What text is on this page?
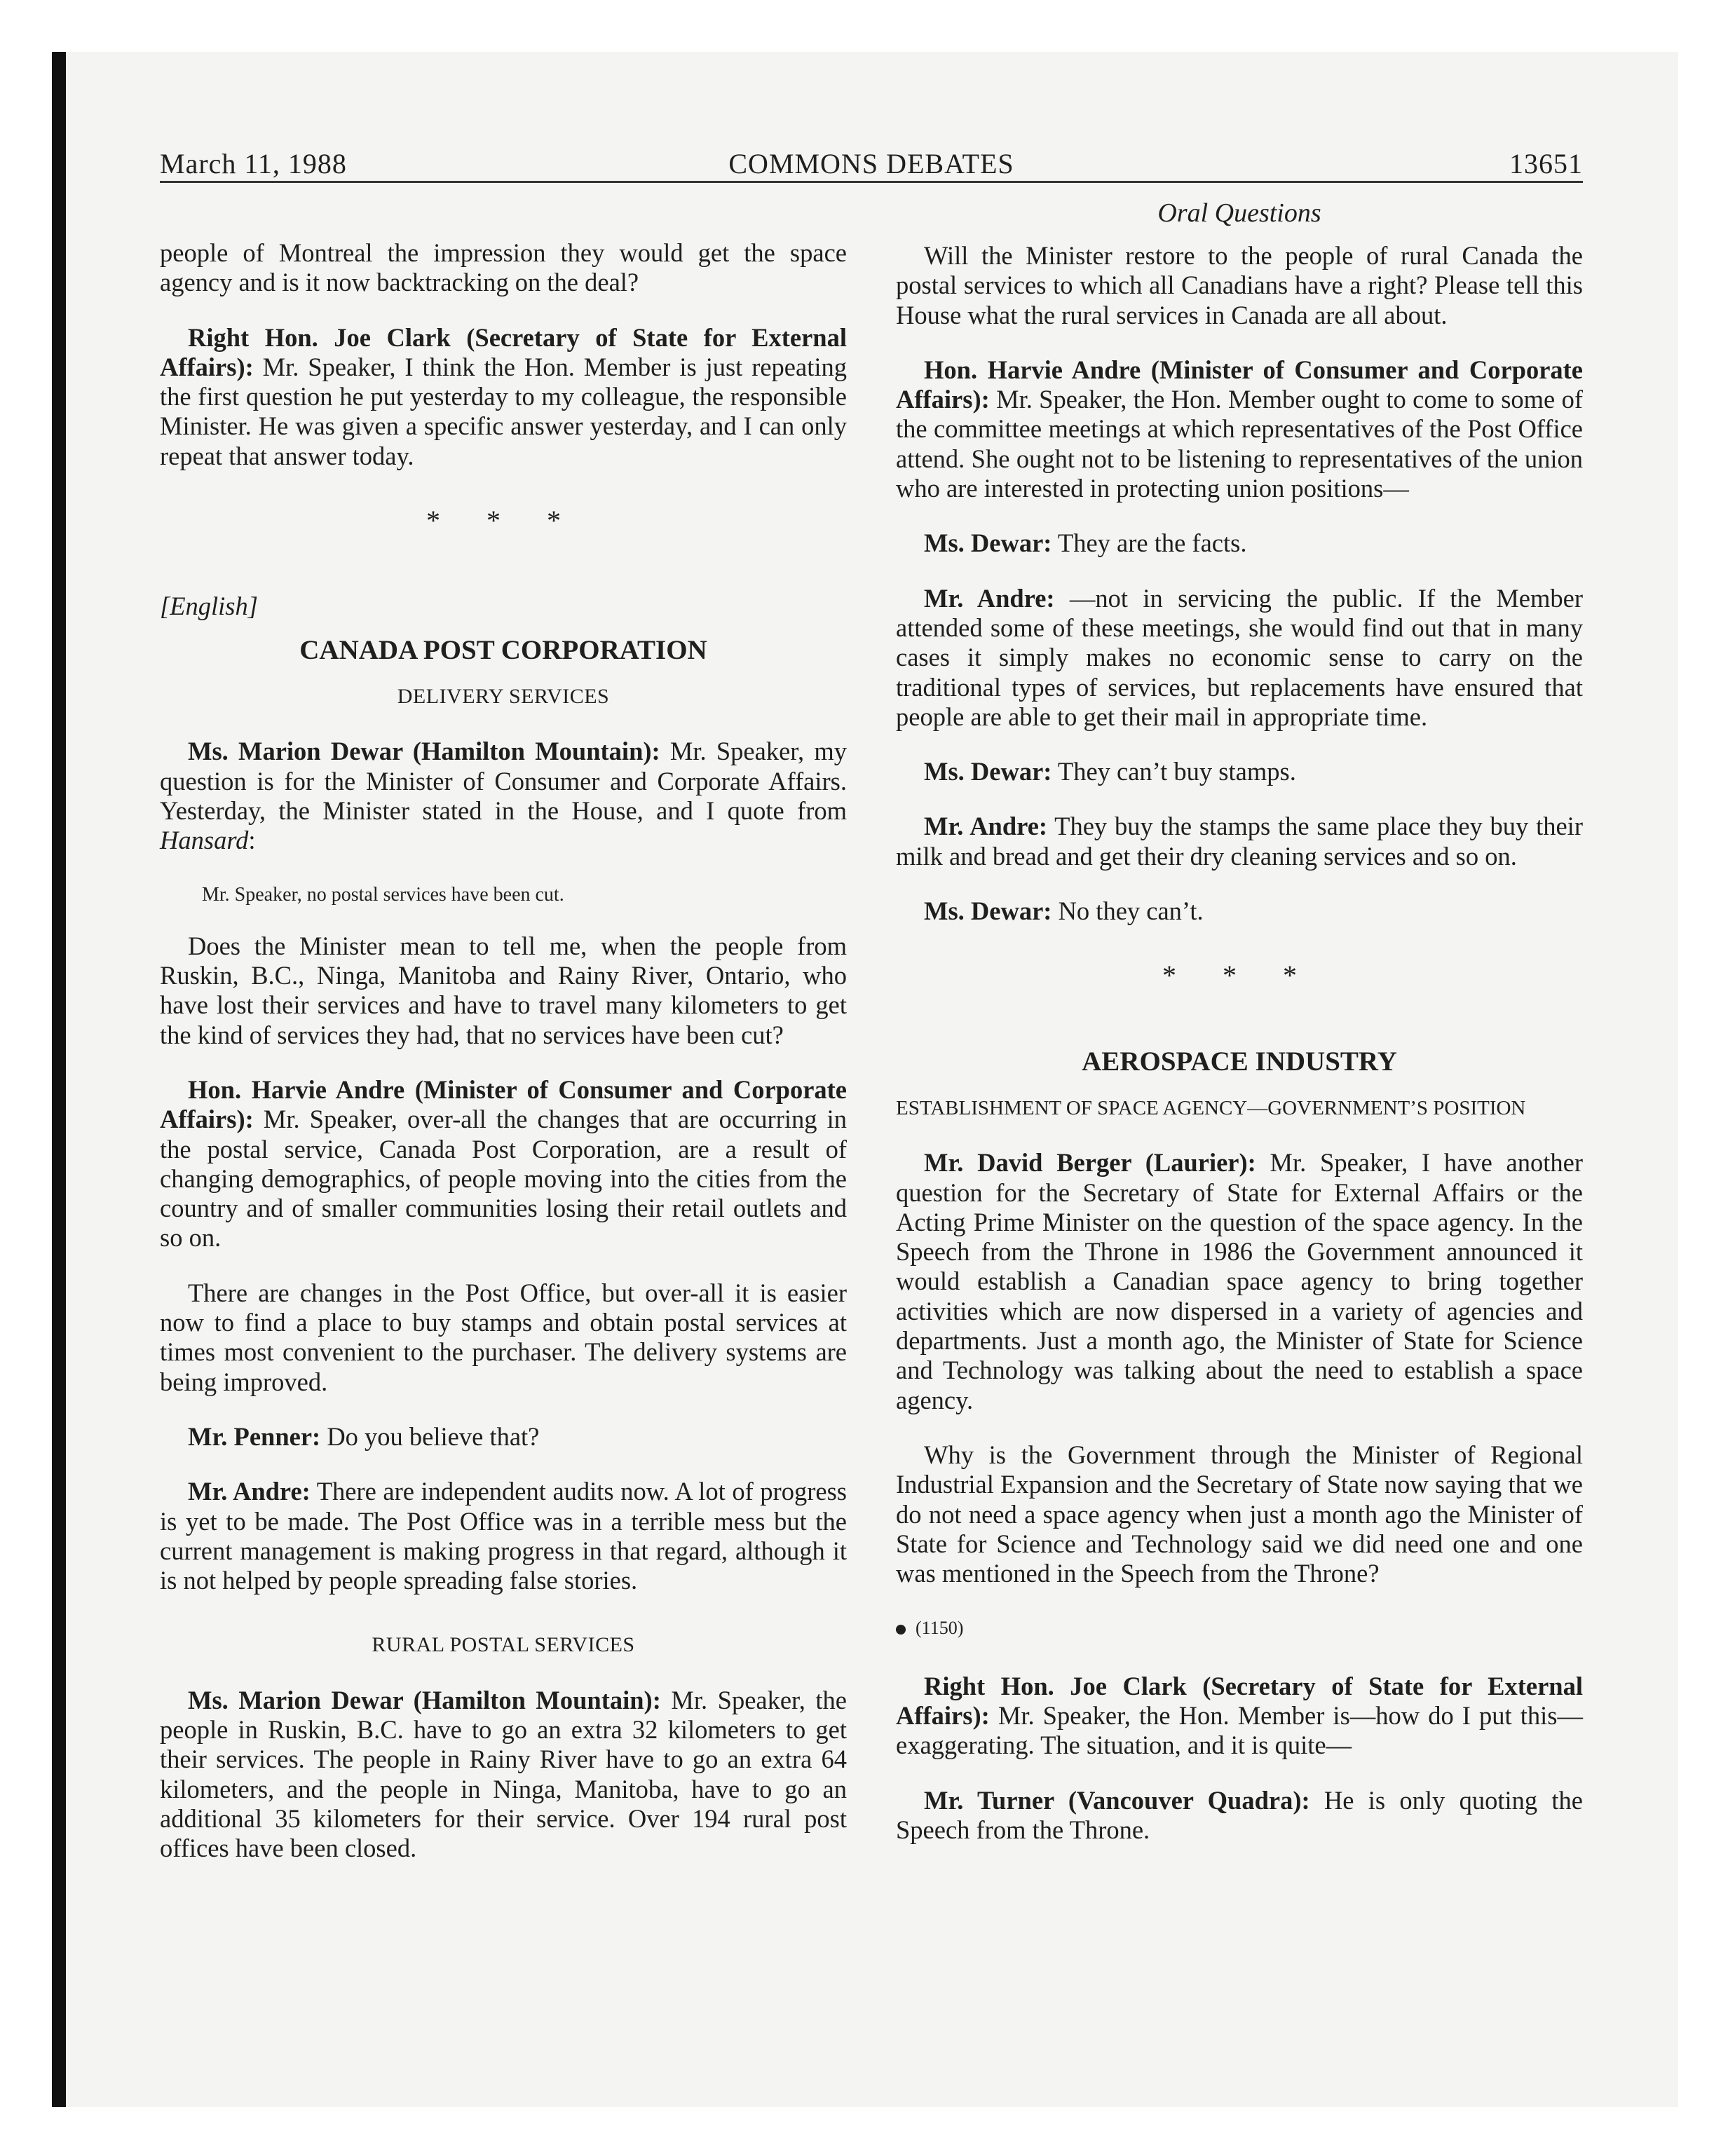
March 11, 1988	COMMONS DEBATES	13651
Oral Questions

people of Montreal the impression they would get the space agency and is it now backtracking on the deal?

Right Hon. Joe Clark (Secretary of State for External Affairs): Mr. Speaker, I think the Hon. Member is just repeating the first question he put yesterday to my colleague, the responsible Minister. He was given a specific answer yesterday, and I can only repeat that answer today.

* * *
[English]
CANADA POST CORPORATION
DELIVERY SERVICES

Ms. Marion Dewar (Hamilton Mountain): Mr. Speaker, my question is for the Minister of Consumer and Corporate Affairs. Yesterday, the Minister stated in the House, and I quote from Hansard:

Mr. Speaker, no postal services have been cut.

Does the Minister mean to tell me, when the people from Ruskin, B.C., Ninga, Manitoba and Rainy River, Ontario, who have lost their services and have to travel many kilometers to get the kind of services they had, that no services have been cut?

Hon. Harvie Andre (Minister of Consumer and Corporate Affairs): Mr. Speaker, over-all the changes that are occurring in the postal service, Canada Post Corporation, are a result of changing demographics, of people moving into the cities from the country and of smaller communities losing their retail outlets and so on.

There are changes in the Post Office, but over-all it is easier now to find a place to buy stamps and obtain postal services at times most convenient to the purchaser. The delivery systems are being improved.

Mr. Penner: Do you believe that?

Mr. Andre: There are independent audits now. A lot of progress is yet to be made. The Post Office was in a terrible mess but the current management is making progress in that regard, although it is not helped by people spreading false stories.

RURAL POSTAL SERVICES

Ms. Marion Dewar (Hamilton Mountain): Mr. Speaker, the people in Ruskin, B.C. have to go an extra 32 kilometers to get their services. The people in Rainy River have to go an extra 64 kilometers, and the people in Ninga, Manitoba, have to go an additional 35 kilometers for their service. Over 194 rural post offices have been closed.

Will the Minister restore to the people of rural Canada the postal services to which all Canadians have a right? Please tell this House what the rural services in Canada are all about.

Hon. Harvie Andre (Minister of Consumer and Corporate Affairs): Mr. Speaker, the Hon. Member ought to come to some of the committee meetings at which representatives of the Post Office attend. She ought not to be listening to representatives of the union who are interested in protecting union positions—

Ms. Dewar: They are the facts.

Mr. Andre: —not in servicing the public. If the Member attended some of these meetings, she would find out that in many cases it simply makes no economic sense to carry on the traditional types of services, but replacements have ensured that people are able to get their mail in appropriate time.

Ms. Dewar: They can’t buy stamps.

Mr. Andre: They buy the stamps the same place they buy their milk and bread and get their dry cleaning services and so on.

Ms. Dewar: No they can’t.

* * *
AEROSPACE INDUSTRY
ESTABLISHMENT OF SPACE AGENCY—GOVERNMENT’S POSITION

Mr. David Berger (Laurier): Mr. Speaker, I have another question for the Secretary of State for External Affairs or the Acting Prime Minister on the question of the space agency. In the Speech from the Throne in 1986 the Government announced it would establish a Canadian space agency to bring together activities which are now dispersed in a variety of agencies and departments. Just a month ago, the Minister of State for Science and Technology was talking about the need to establish a space agency.

Why is the Government through the Minister of Regional Industrial Expansion and the Secretary of State now saying that we do not need a space agency when just a month ago the Minister of State for Science and Technology said we did need one and one was mentioned in the Speech from the Throne?

(1150)

Right Hon. Joe Clark (Secretary of State for External Affairs): Mr. Speaker, the Hon. Member is—how do I put this—exaggerating. The situation, and it is quite—

Mr. Turner (Vancouver Quadra): He is only quoting the Speech from the Throne.
